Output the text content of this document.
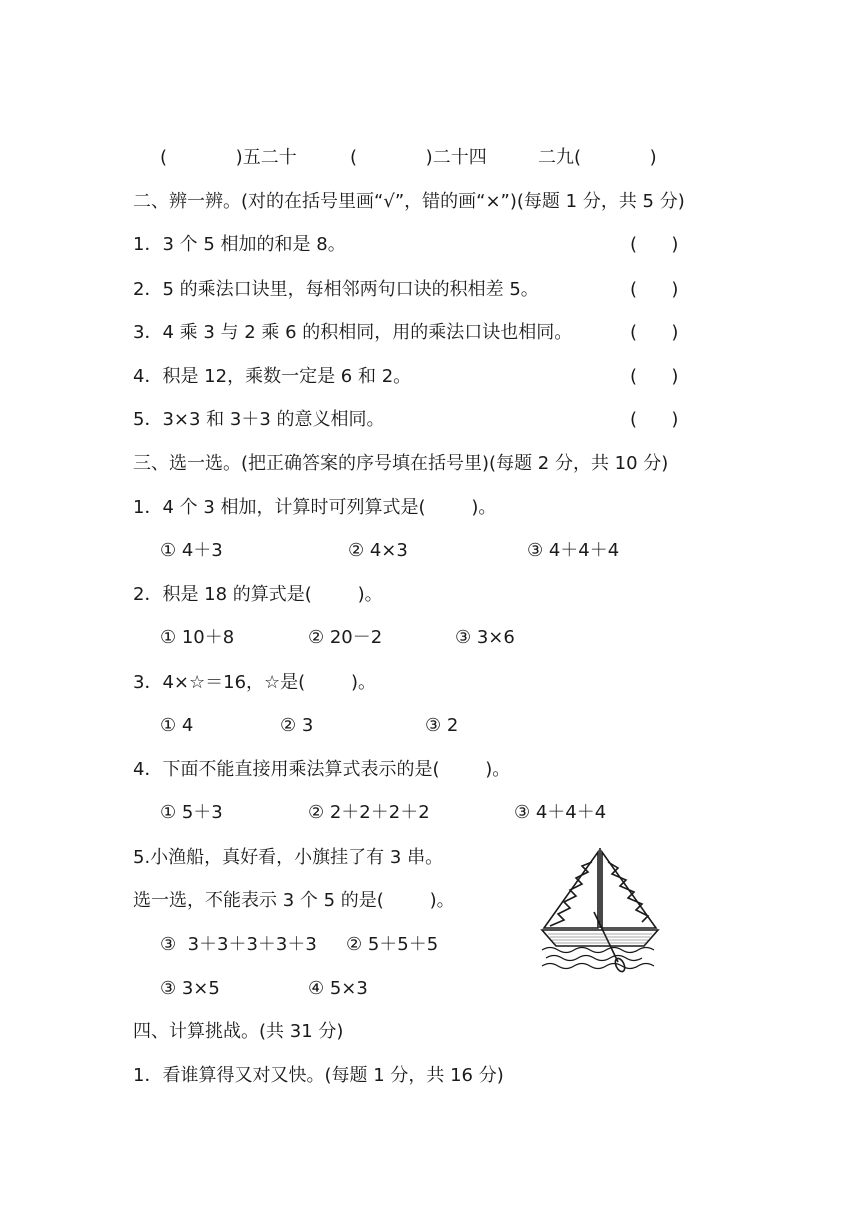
(            )五二十	(            )二十四	二九(            )
二、辨一辨。(对的在括号里画“√”，错的画“×”)(每题 1 分，共 5 分)
1．3 个 5 相加的和是 8。	(      )
2．5 的乘法口诀里，每相邻两句口诀的积相差 5。	(      )
3．4 乘 3 与 2 乘 6 的积相同，用的乘法口诀也相同。	(      )
4．积是 12，乘数一定是 6 和 2。	(      )
5．3×3 和 3＋3 的意义相同。	(      )
三、选一选。(把正确答案的序号填在括号里)(每题 2 分，共 10 分)
1．4 个 3 相加，计算时可列算式是(        )。
① 4＋3	② 4×3	③ 4＋4＋4
2．积是 18 的算式是(        )。
① 10＋8	② 20－2	③ 3×6
3．4×☆＝16，☆是(        )。
① 4	② 3	③ 2
4．下面不能直接用乘法算式表示的是(        )。
① 5＋3	② 2＋2＋2＋2	③ 4＋4＋4
5.小渔船，真好看，小旗挂了有 3 串。
选一选，不能表示 3 个 5 的是(        )。
③  3＋3＋3＋3＋3 ② 5＋5＋5
③ 3×5	④ 5×3
四、计算挑战。(共 31 分)
1．看谁算得又对又快。(每题 1 分，共 16 分)
